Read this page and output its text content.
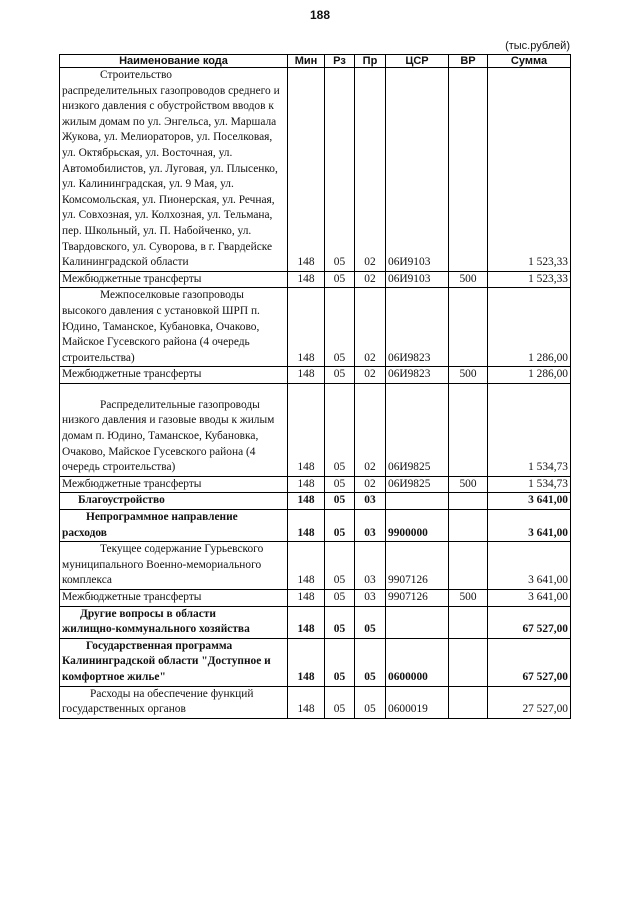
188
(тыс.рублей)
Наименование кода	Мин	Рз	Пр	ЦСР	ВР	Сумма
Строительство
распределительных газопроводов среднего и низкого давления с обустройством вводов к жилым домам по ул. Энгельса, ул. Маршала Жукова, ул. Мелиораторов, ул. Поселковая, ул. Октябрьская, ул. Восточная, ул. Автомобилистов, ул. Луговая, ул. Плысенко, ул. Калининградская, ул. 9 Мая, ул. Комсомольская, ул. Пионерская, ул. Речная, ул. Совхозная, ул. Колхозная, ул. Тельмана, пер. Школьный, ул. П. Набойченко, ул. Твардовского, ул. Суворова, в г. Гвардейске Калининградской области	148	05	02	06И9103		1 523,33
Межбюджетные трансферты	148	05	02	06И9103	500	1 523,33
Межпоселковые газопроводы
высокого давления с установкой ШРП п. Юдино, Таманское, Кубановка, Очаково, Майское Гусевского района (4 очередь строительства)	148	05	02	06И9823		1 286,00
Межбюджетные трансферты	148	05	02	06И9823	500	1 286,00
Распределительные газопроводы
низкого давления и газовые вводы к жилым домам п. Юдино, Таманское, Кубановка, Очаково, Майское Гусевского района (4 очередь строительства)	148	05	02	06И9825		1 534,73
Межбюджетные трансферты	148	05	02	06И9825	500	1 534,73
Благоустройство	148	05	03			3 641,00
Непрограммное направление
расходов	148	05	03	9900000		3 641,00
Текущее содержание Гурьевского
муниципального Военно-мемориального комплекса	148	05	03	9907126		3 641,00
Межбюджетные трансферты	148	05	03	9907126	500	3 641,00
Другие вопросы в области
жилищно-коммунального хозяйства	148	05	05			67 527,00
Государственная программа
Калининградской области "Доступное и комфортное жилье"	148	05	05	0600000		67 527,00
Расходы на обеспечение функций
государственных органов	148	05	05	0600019		27 527,00
